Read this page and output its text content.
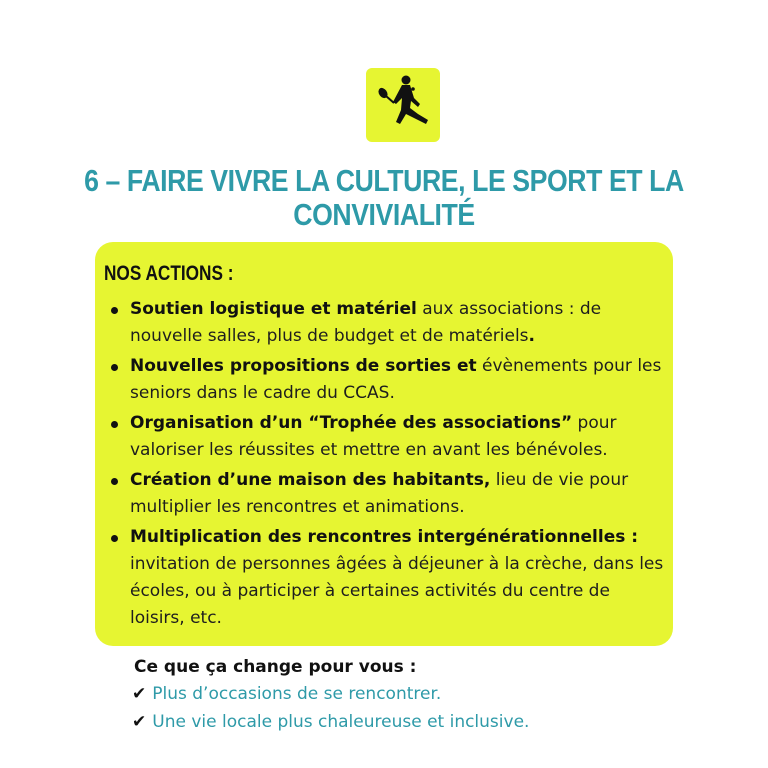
6 – FAIRE VIVRE LA CULTURE, LE SPORT ET LA
CONVIVIALITÉ
NOS ACTIONS :
Soutien logistique et matériel aux associations : de nouvelle salles, plus de budget et de matériels.
Nouvelles propositions de sorties et évènements pour les seniors dans le cadre du CCAS.
Organisation d’un “Trophée des associations” pour valoriser les réussites et mettre en avant les bénévoles.
Création d’une maison des habitants, lieu de vie pour multiplier les rencontres et animations.
Multiplication des rencontres intergénérationnelles : invitation de personnes âgées à déjeuner à la crèche, dans les écoles, ou à participer à certaines activités du centre de loisirs, etc.

Ce que ça change pour vous :

✔ Plus d’occasions de se rencontrer.
✔ Une vie locale plus chaleureuse et inclusive.
